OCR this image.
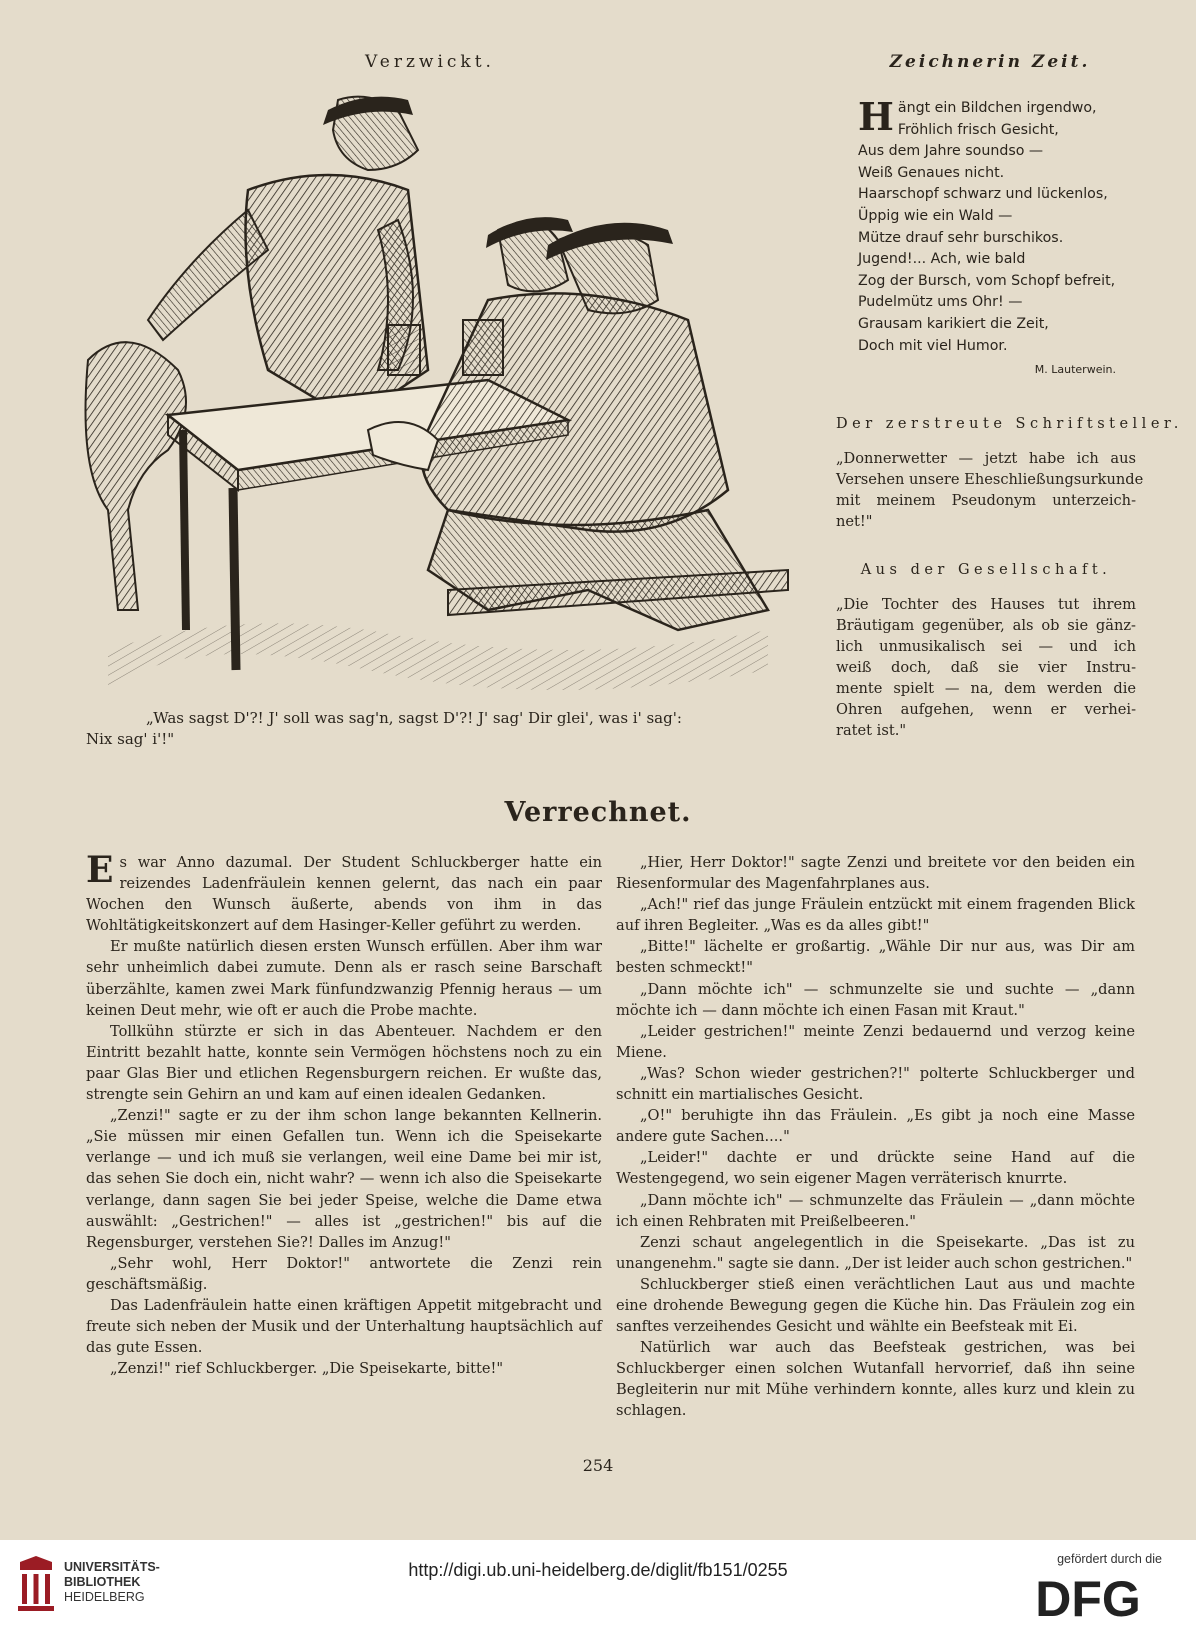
Verzwickt.	Zeichnerin Zeit.
H ängt ein Bildchen irgendwo,
Fröhlich frisch Gesicht,
Aus dem Jahre soundso —
Weiß Genaues nicht.
Haarschopf schwarz und lückenlos,
Üppig wie ein Wald —
Mütze drauf sehr burschikos.
Jugend!... Ach, wie bald
Zog der Bursch, vom Schopf befreit,
Pudelmütz ums Ohr! —
Grausam karikiert die Zeit,
Doch mit viel Humor.
M. Lauterwein.
Der zerstreute Schriftsteller.
„Donnerwetter — jetzt habe ich aus
Versehen unsere Eheschließungsurkunde
mit meinem Pseudonym unterzeich-
net!"
Aus der Gesellschaft.
„Die Tochter des Hauses tut ihrem
Bräutigam gegenüber, als ob sie gänz-
lich unmusikalisch sei — und ich
weiß doch, daß sie vier Instru-
mente spielt — na, dem werden die
Ohren aufgehen, wenn er verhei-
ratet ist."
„Was sagst D'?! J' soll was sag'n, sagst D'?! J' sag' Dir glei', was i' sag':
Nix sag' i'!"
Verrechnet.

Es war Anno dazumal. Der Student Schluckberger hatte ein reizendes Ladenfräulein kennen gelernt, das nach ein paar Wochen den Wunsch äußerte, abends von ihm in das Wohltätigkeitskonzert auf dem Hasinger-Keller geführt zu werden.

Er mußte natürlich diesen ersten Wunsch erfüllen. Aber ihm war sehr unheimlich dabei zumute. Denn als er rasch seine Barschaft überzählte, kamen zwei Mark fünfundzwanzig Pfennig heraus — um keinen Deut mehr, wie oft er auch die Probe machte.

Tollkühn stürzte er sich in das Abenteuer. Nachdem er den Eintritt bezahlt hatte, konnte sein Vermögen höchstens noch zu ein paar Glas Bier und etlichen Regensburgern reichen. Er wußte das, strengte sein Gehirn an und kam auf einen idealen Gedanken.

„Zenzi!" sagte er zu der ihm schon lange bekannten Kellnerin. „Sie müssen mir einen Gefallen tun. Wenn ich die Speisekarte verlange — und ich muß sie verlangen, weil eine Dame bei mir ist, das sehen Sie doch ein, nicht wahr? — wenn ich also die Speisekarte verlange, dann sagen Sie bei jeder Speise, welche die Dame etwa auswählt: „Gestrichen!" — alles ist „gestrichen!" bis auf die Regensburger, verstehen Sie?! Dalles im Anzug!"

„Sehr wohl, Herr Doktor!" antwortete die Zenzi rein geschäftsmäßig.

Das Ladenfräulein hatte einen kräftigen Appetit mitgebracht und freute sich neben der Musik und der Unterhaltung hauptsächlich auf das gute Essen.

„Zenzi!" rief Schluckberger. „Die Speisekarte, bitte!"

„Hier, Herr Doktor!" sagte Zenzi und breitete vor den beiden ein Riesenformular des Magenfahrplanes aus.

„Ach!" rief das junge Fräulein entzückt mit einem fragenden Blick auf ihren Begleiter. „Was es da alles gibt!"

„Bitte!" lächelte er großartig. „Wähle Dir nur aus, was Dir am besten schmeckt!"

„Dann möchte ich" — schmunzelte sie und suchte — „dann möchte ich — dann möchte ich einen Fasan mit Kraut."

„Leider gestrichen!" meinte Zenzi bedauernd und verzog keine Miene.

„Was? Schon wieder gestrichen?!" polterte Schluckberger und schnitt ein martialisches Gesicht.

„O!" beruhigte ihn das Fräulein. „Es gibt ja noch eine Masse andere gute Sachen...."

„Leider!" dachte er und drückte seine Hand auf die Westengegend, wo sein eigener Magen verräterisch knurrte.

„Dann möchte ich" — schmunzelte das Fräulein — „dann möchte ich einen Rehbraten mit Preißelbeeren."

Zenzi schaut angelegentlich in die Speisekarte. „Das ist zu unangenehm." sagte sie dann. „Der ist leider auch schon gestrichen."

Schluckberger stieß einen verächtlichen Laut aus und machte eine drohende Bewegung gegen die Küche hin. Das Fräulein zog ein sanftes verzeihendes Gesicht und wählte ein Beefsteak mit Ei.

Natürlich war auch das Beefsteak gestrichen, was bei Schluckberger einen solchen Wutanfall hervorrief, daß ihn seine Begleiterin nur mit Mühe verhindern konnte, alles kurz und klein zu schlagen.

254
UNIVERSITÄTS-
BIBLIOTHEK
HEIDELBERG
http://digi.ub.uni-heidelberg.de/diglit/fb151/0255
gefördert durch die
DFG
